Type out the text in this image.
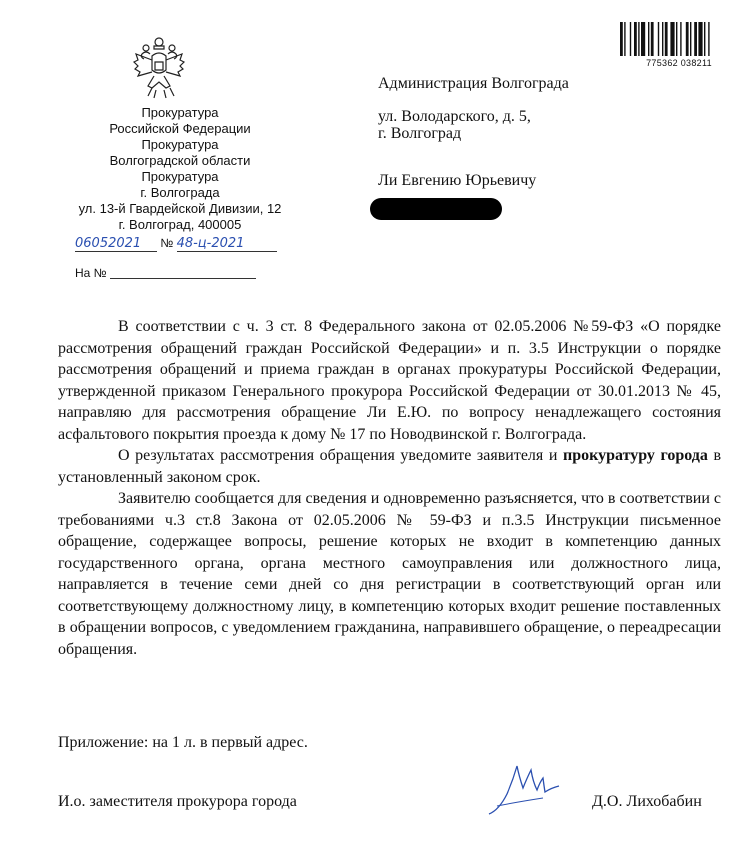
Прокуратура
Российской Федерации
Прокуратура
Волгоградской области
Прокуратура
г. Волгограда
ул. 13-й Гвардейской Дивизии, 12
г. Волгоград, 400005
06052021 № 48-ц-2021
На №
775362 038211
Администрация Волгограда
ул. Володарского, д. 5,
г. Волгоград
Ли Евгению Юрьевичу

В соответствии с ч. 3 ст. 8 Федерального закона от 02.05.2006 №59-ФЗ «О порядке рассмотрения обращений граждан Российской Федерации» и п. 3.5 Инструкции о порядке рассмотрения обращений и приема граждан в органах прокуратуры Российской Федерации, утвержденной приказом Генерального прокурора Российской Федерации от 30.01.2013 № 45, направляю для рассмотрения обращение Ли Е.Ю. по вопросу ненадлежащего состояния асфальтового покрытия проезда к дому № 17 по Новодвинской г. Волгограда.

О результатах рассмотрения обращения уведомите заявителя и прокуратуру города в установленный законом срок.

Заявителю сообщается для сведения и одновременно разъясняется, что в соответствии с требованиями ч.3 ст.8 Закона от 02.05.2006 № 59-ФЗ и п.3.5 Инструкции письменное обращение, содержащее вопросы, решение которых не входит в компетенцию данных государственного органа, органа местного самоуправления или должностного лица, направляется в течение семи дней со дня регистрации в соответствующий орган или соответствующему должностному лицу, в компетенцию которых входит решение поставленных в обращении вопросов, с уведомлением гражданина, направившего обращение, о переадресации обращения.

Приложение: на 1 л. в первый адрес.
И.о. заместителя прокурора города	Д.О. Лихобабин
